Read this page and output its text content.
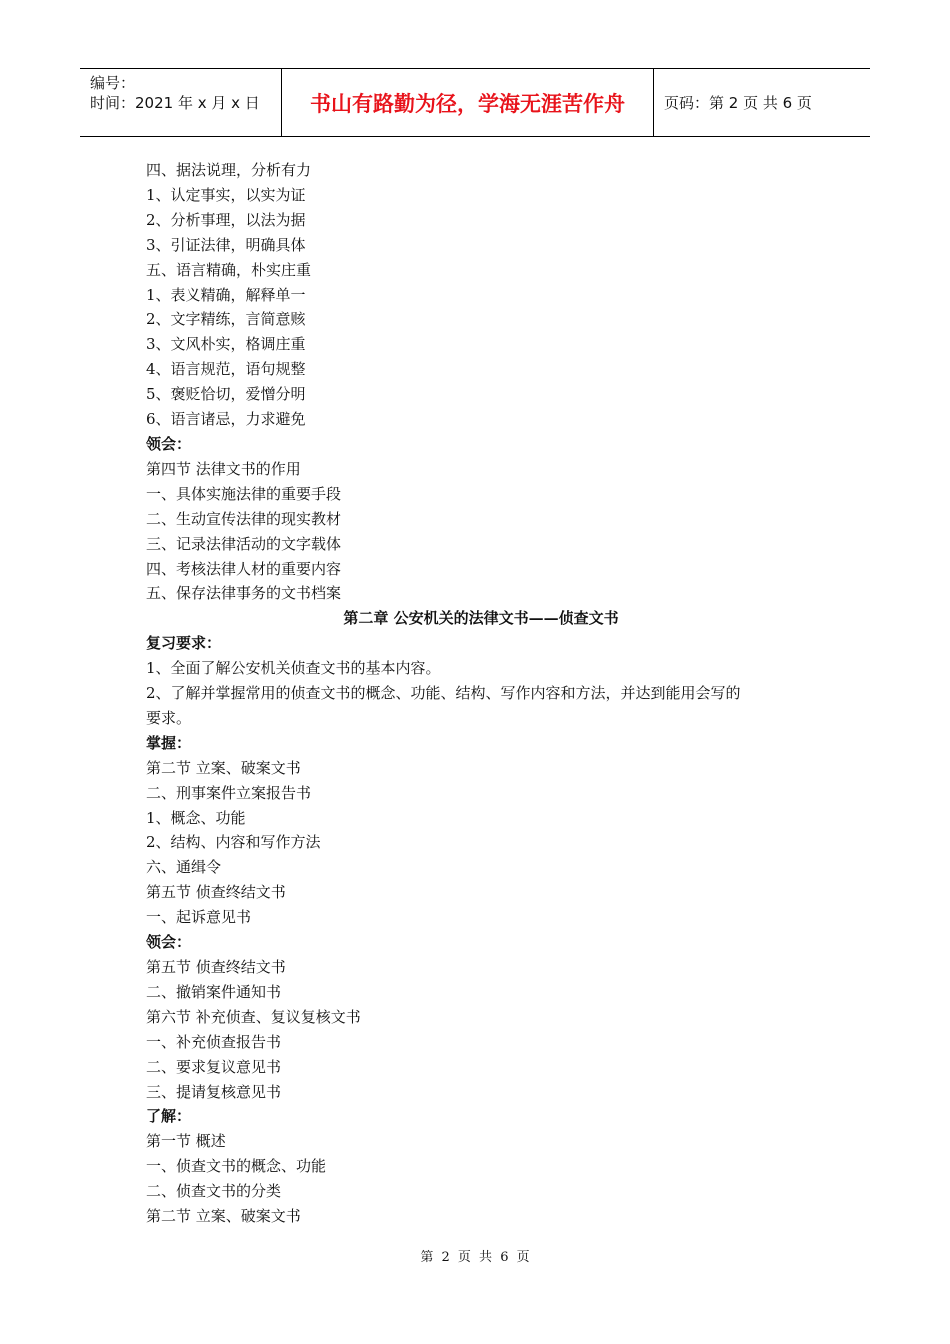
编号：
时间：2021 年 x 月 x 日	书山有路勤为径，学海无涯苦作舟	页码：第 2 页 共 6 页
四、据法说理，分析有力
1、认定事实，以实为证
2、分析事理，以法为据
3、引证法律，明确具体
五、语言精确，朴实庄重
1、表义精确，解释单一
2、文字精练，言简意赅
3、文风朴实，格调庄重
4、语言规范，语句规整
5、褒贬恰切，爱憎分明
6、语言诸忌，力求避免
领会：
第四节 法律文书的作用
一、具体实施法律的重要手段
二、生动宣传法律的现实教材
三、记录法律活动的文字载体
四、考核法律人材的重要内容
五、保存法律事务的文书档案
第二章 公安机关的法律文书——侦查文书
复习要求：
1、全面了解公安机关侦查文书的基本内容。
2、了解并掌握常用的侦查文书的概念、功能、结构、写作内容和方法，并达到能用会写的
要求。
掌握：
第二节 立案、破案文书
二、刑事案件立案报告书
1、概念、功能
2、结构、内容和写作方法
六、通缉令
第五节 侦查终结文书
一、起诉意见书
领会：
第五节 侦查终结文书
二、撤销案件通知书
第六节 补充侦查、复议复核文书
一、补充侦查报告书
二、要求复议意见书
三、提请复核意见书
了解：
第一节 概述
一、侦查文书的概念、功能
二、侦查文书的分类
第二节 立案、破案文书
第 2 页 共 6 页
